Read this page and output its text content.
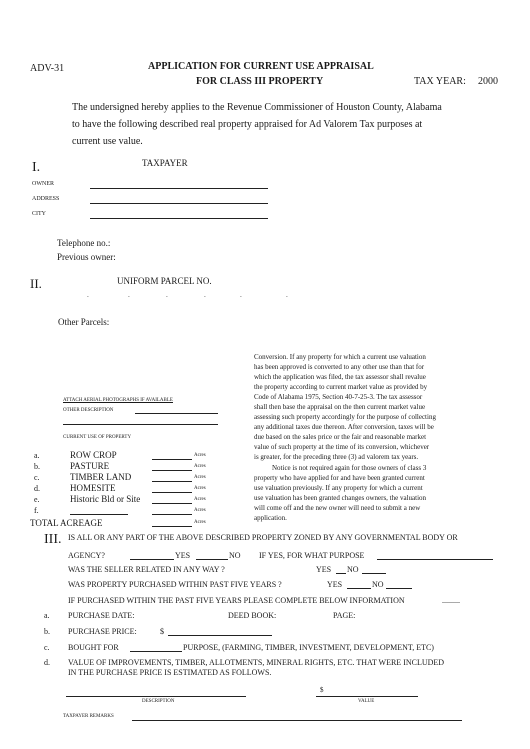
ADV-31	APPLICATION FOR CURRENT USE APPRAISAL
FOR CLASS III PROPERTY	TAX YEAR: 2000
The undersigned hereby applies to the Revenue Commissioner of Houston County, Alabama
to have the following described real property appraised for Ad Valorem Tax purposes at
current use value.
I.	TAXPAYER
OWNER
ADDRESS
CITY
Telephone no.:
Previous owner:
II.	UNIFORM PARCEL NO.
-	-	-	-	-	-
Other Parcels:
ATTACH AERIAL PHOTOGRAPHS IF AVAILABLE
OTHER DESCRIPTION
CURRENT USE OF PROPERTY
a.	ROW CROP	Acres
b.	PASTURE	Acres
c.	TIMBER LAND	Acres
d.	HOMESITE	Acres
e.	Historic Bld or Site	Acres
f.	Acres
TOTAL ACREAGE	Acres
Conversion. If any property for which a current use valuation
has been approved is converted to any other use than that for
which the application was filed, the tax assessor shall revalue
the property according to current market value as provided by
Code of Alabama 1975, Section 40-7-25-3. The tax assessor
shall then base the appraisal on the then current market value
assessing such property accordingly for the purpose of collecting
any additional taxes due thereon. After conversion, taxes will be
due based on the sales price or the fair and reasonable market
value of such property at the time of its conversion, whichever
is greater, for the preceding three (3) ad valorem tax years.
Notice is not required again for those owners of class 3
property who have applied for and have been granted current
use valuation previously. If any property for which a current
use valuation has been granted changes owners, the valuation
will come off and the new owner will need to submit a new
application.
III. IS ALL OR ANY PART OF THE ABOVE DESCRIBED PROPERTY ZONED BY ANY GOVERNMENTAL BODY OR
AGENCY?	YES	NO IF YES, FOR WHAT PURPOSE
WAS THE SELLER RELATED IN ANY WAY ?	YES NO
WAS PROPERTY PURCHASED WITHIN PAST FIVE YEARS ?	YES	NO
IF PURCHASED WITHIN THE PAST FIVE YEARS PLEASE COMPLETE BELOW INFORMATION	.........
a. PURCHASE DATE:	DEED BOOK:	PAGE:
b. PURCHASE PRICE:	$
c. BOUGHT FOR	PURPOSE, (FARMING, TIMBER, INVESTMENT, DEVELOPMENT, ETC)
d. VALUE OF IMPROVEMENTS, TIMBER, ALLOTMENTS, MINERAL RIGHTS, ETC. THAT WERE INCLUDED
IN THE PURCHASE PRICE IS ESTIMATED AS FOLLOWS.
$
DESCRIPTION	VALUE
TAXPAYER REMARKS
